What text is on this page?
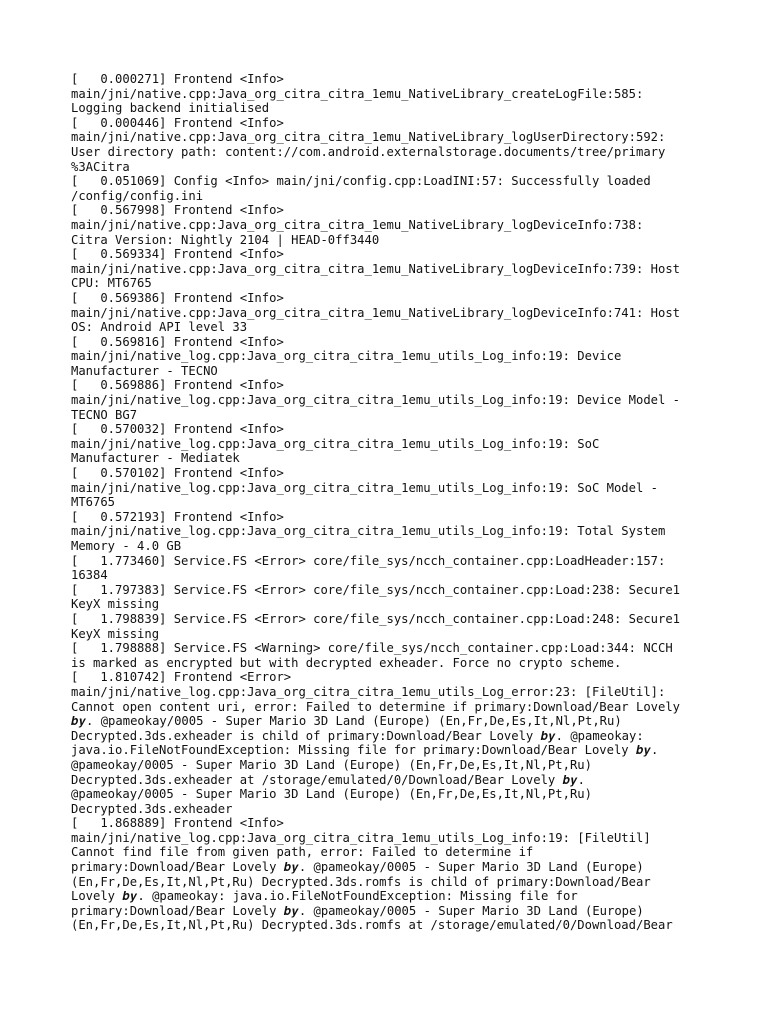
[   0.000271] Frontend <Info>
main/jni/native.cpp:Java_org_citra_citra_1emu_NativeLibrary_createLogFile:585:
Logging backend initialised
[   0.000446] Frontend <Info>
main/jni/native.cpp:Java_org_citra_citra_1emu_NativeLibrary_logUserDirectory:592:
User directory path: content://com.android.externalstorage.documents/tree/primary
%3ACitra
[   0.051069] Config <Info> main/jni/config.cpp:LoadINI:57: Successfully loaded
/config/config.ini
[   0.567998] Frontend <Info>
main/jni/native.cpp:Java_org_citra_citra_1emu_NativeLibrary_logDeviceInfo:738:
Citra Version: Nightly 2104 | HEAD-0ff3440
[   0.569334] Frontend <Info>
main/jni/native.cpp:Java_org_citra_citra_1emu_NativeLibrary_logDeviceInfo:739: Host
CPU: MT6765
[   0.569386] Frontend <Info>
main/jni/native.cpp:Java_org_citra_citra_1emu_NativeLibrary_logDeviceInfo:741: Host
OS: Android API level 33
[   0.569816] Frontend <Info>
main/jni/native_log.cpp:Java_org_citra_citra_1emu_utils_Log_info:19: Device
Manufacturer - TECNO
[   0.569886] Frontend <Info>
main/jni/native_log.cpp:Java_org_citra_citra_1emu_utils_Log_info:19: Device Model -
TECNO BG7
[   0.570032] Frontend <Info>
main/jni/native_log.cpp:Java_org_citra_citra_1emu_utils_Log_info:19: SoC
Manufacturer - Mediatek
[   0.570102] Frontend <Info>
main/jni/native_log.cpp:Java_org_citra_citra_1emu_utils_Log_info:19: SoC Model -
MT6765
[   0.572193] Frontend <Info>
main/jni/native_log.cpp:Java_org_citra_citra_1emu_utils_Log_info:19: Total System
Memory - 4.0 GB
[   1.773460] Service.FS <Error> core/file_sys/ncch_container.cpp:LoadHeader:157:
16384
[   1.797383] Service.FS <Error> core/file_sys/ncch_container.cpp:Load:238: Secure1
KeyX missing
[   1.798839] Service.FS <Error> core/file_sys/ncch_container.cpp:Load:248: Secure1
KeyX missing
[   1.798888] Service.FS <Warning> core/file_sys/ncch_container.cpp:Load:344: NCCH
is marked as encrypted but with decrypted exheader. Force no crypto scheme.
[   1.810742] Frontend <Error>
main/jni/native_log.cpp:Java_org_citra_citra_1emu_utils_Log_error:23: [FileUtil]:
Cannot open content uri, error: Failed to determine if primary:Download/Bear Lovely
𝒃𝒚. @pameokay/0005 - Super Mario 3D Land (Europe) (En,Fr,De,Es,It,Nl,Pt,Ru)
Decrypted.3ds.exheader is child of primary:Download/Bear Lovely 𝒃𝒚. @pameokay:
java.io.FileNotFoundException: Missing file for primary:Download/Bear Lovely 𝒃𝒚.
@pameokay/0005 - Super Mario 3D Land (Europe) (En,Fr,De,Es,It,Nl,Pt,Ru)
Decrypted.3ds.exheader at /storage/emulated/0/Download/Bear Lovely 𝒃𝒚.
@pameokay/0005 - Super Mario 3D Land (Europe) (En,Fr,De,Es,It,Nl,Pt,Ru)
Decrypted.3ds.exheader
[   1.868889] Frontend <Info>
main/jni/native_log.cpp:Java_org_citra_citra_1emu_utils_Log_info:19: [FileUtil]
Cannot find file from given path, error: Failed to determine if
primary:Download/Bear Lovely 𝒃𝒚. @pameokay/0005 - Super Mario 3D Land (Europe)
(En,Fr,De,Es,It,Nl,Pt,Ru) Decrypted.3ds.romfs is child of primary:Download/Bear
Lovely 𝒃𝒚. @pameokay: java.io.FileNotFoundException: Missing file for
primary:Download/Bear Lovely 𝒃𝒚. @pameokay/0005 - Super Mario 3D Land (Europe)
(En,Fr,De,Es,It,Nl,Pt,Ru) Decrypted.3ds.romfs at /storage/emulated/0/Download/Bear
